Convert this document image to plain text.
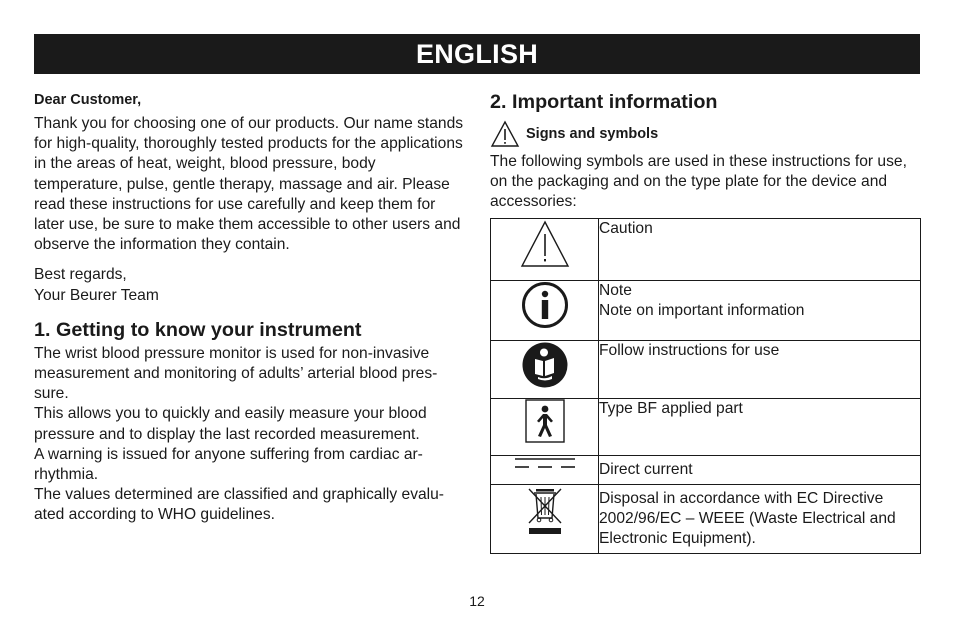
ENGLISH

Dear Customer,

Thank you for choosing one of our products. Our name stands for high-quality, thoroughly tested products for the applications in the areas of heat, weight, blood pressure, body temperature, pulse, gentle therapy, massage and air. Please read these instructions for use carefully and keep them for later use, be sure to make them accessible to other users and observe the information they contain.

Best regards,

Your Beurer Team

1. Getting to know your instrument

The wrist blood pressure monitor is used for non-invasive measurement and monitoring of adults’ arterial blood pres-sure.

This allows you to quickly and easily measure your blood pressure and to display the last recorded measurement.

A warning is issued for anyone suffering from cardiac ar-rhythmia.

The values determined are classified and graphically evalu-ated according to WHO guidelines.

2. Important information
Signs and symbols

The following symbols are used in these instructions for use, on the packaging and on the type plate for the device and accessories:

Caution

Note
Note on important information

Follow instructions for use

Type BF applied part

Direct current

Disposal in accordance with EC Directive 2002/96/EC – WEEE (Waste Electrical and Electronic Equipment).
12
